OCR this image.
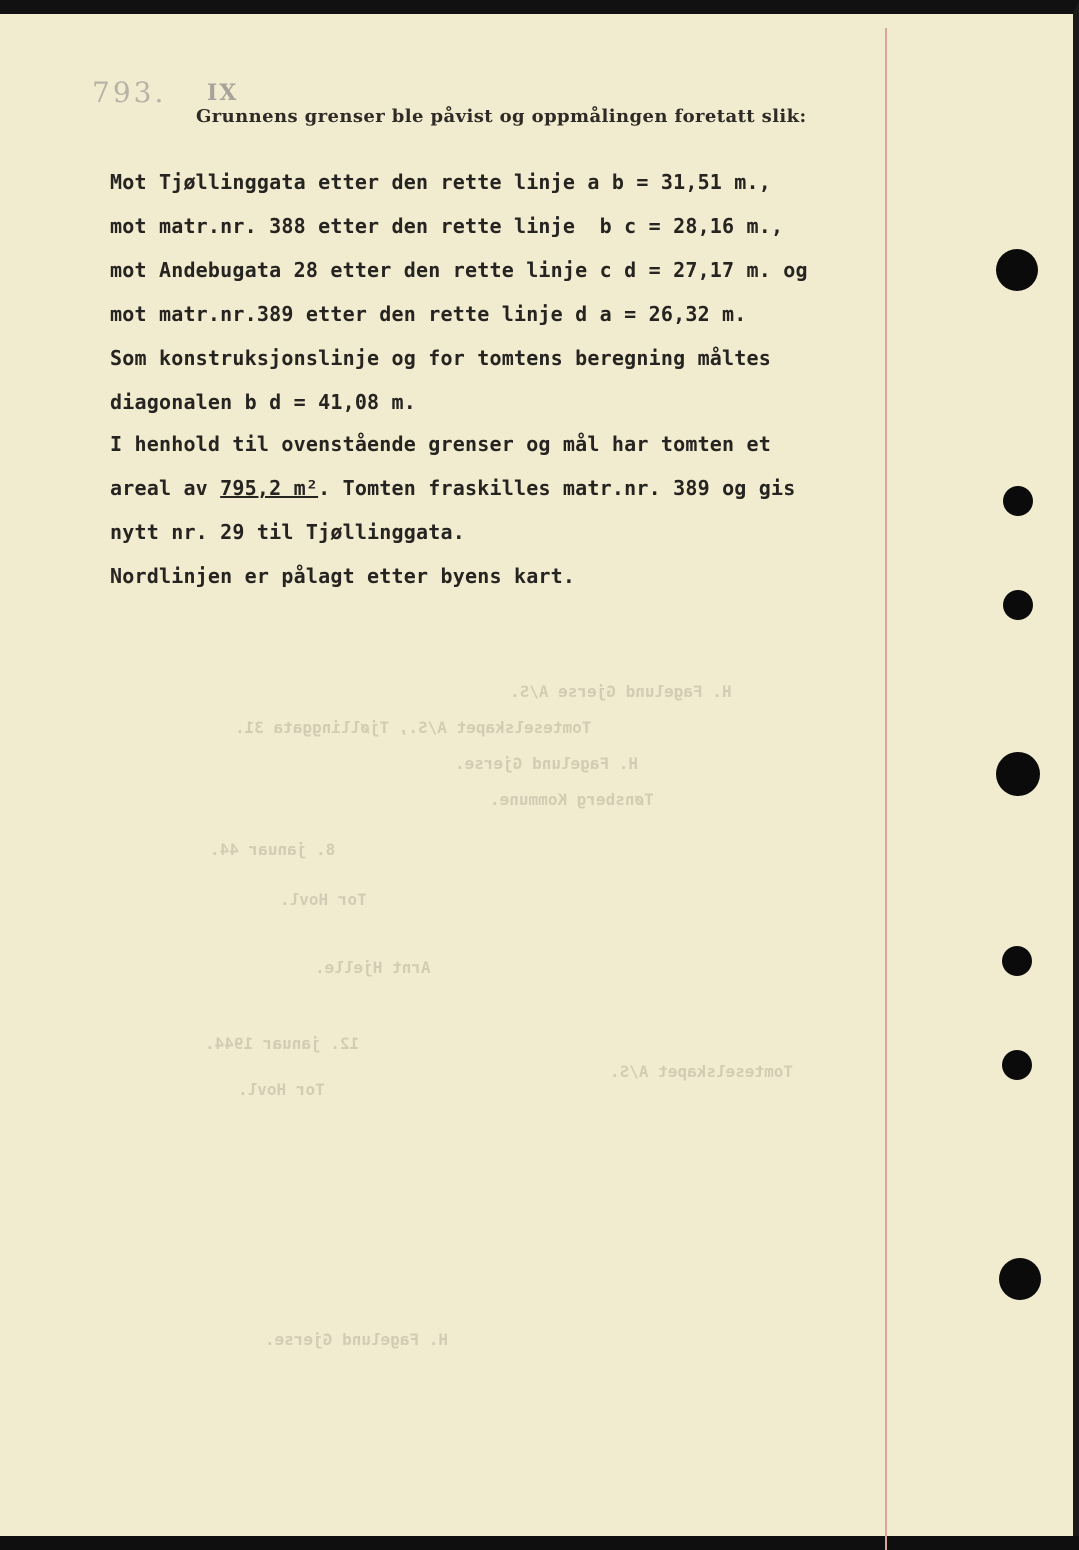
793. IX
Grunnens grenser ble påvist og oppmålingen foretatt slik:
H. Fagelund Gjerse A/S.
Tomteselskapet A/S., Tjøllinggata 31.
H. Fagelund Gjerse.
Tønsberg Kommune.
8. januar 44.
Tor Hovl.
Arnt Hjelle.
12. januar 1944.
Tomteselskapet A/S.
Tor Hovl.
H. Fagelund Gjerse.
Mot Tjøllinggata etter den rette linje a b = 31,51 m.,
mot matr.nr. 388 etter den rette linje  b c = 28,16 m.,
mot Andebugata 28 etter den rette linje c d = 27,17 m. og
mot matr.nr.389 etter den rette linje d a = 26,32 m.
Som konstruksjonslinje og for tomtens beregning måltes
diagonalen b d = 41,08 m.
I henhold til ovenstående grenser og mål har tomten et
areal av 795,2 m². Tomten fraskilles matr.nr. 389 og gis
nytt nr. 29 til Tjøllinggata.
Nordlinjen er pålagt etter byens kart.
